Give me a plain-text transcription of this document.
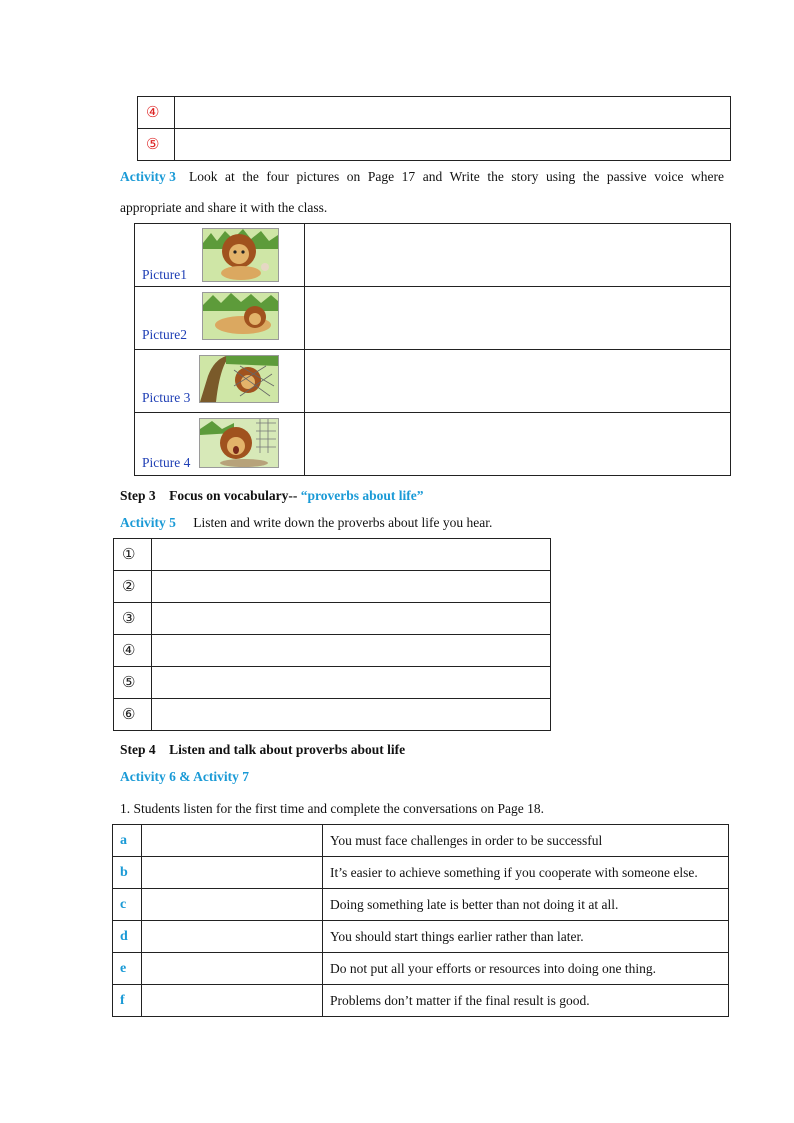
④	
⑤	
Activity 3 Look at the four pictures on Page 17 and Write the story using the passive voice where
appropriate and share it with the class.
Picture1	

Picture2	

Picture 3	

Picture 4	

Step 3　Focus on vocabulary-- “proverbs about life”
Activity 5 Listen and write down the proverbs about life you hear.
①	
②	
③	
④	
⑤	
⑥	
Step 4　Listen and talk about proverbs about life
Activity 6 & Activity 7
1. Students listen for the first time and complete the conversations on Page 18.
a		You must face challenges in order to be successful
b		It’s easier to achieve something if you cooperate with someone else.
c		Doing something late is better than not doing it at all.
d		You should start things earlier rather than later.
e		Do not put all your efforts or resources into doing one thing.
f		Problems don’t matter if the final result is good.
